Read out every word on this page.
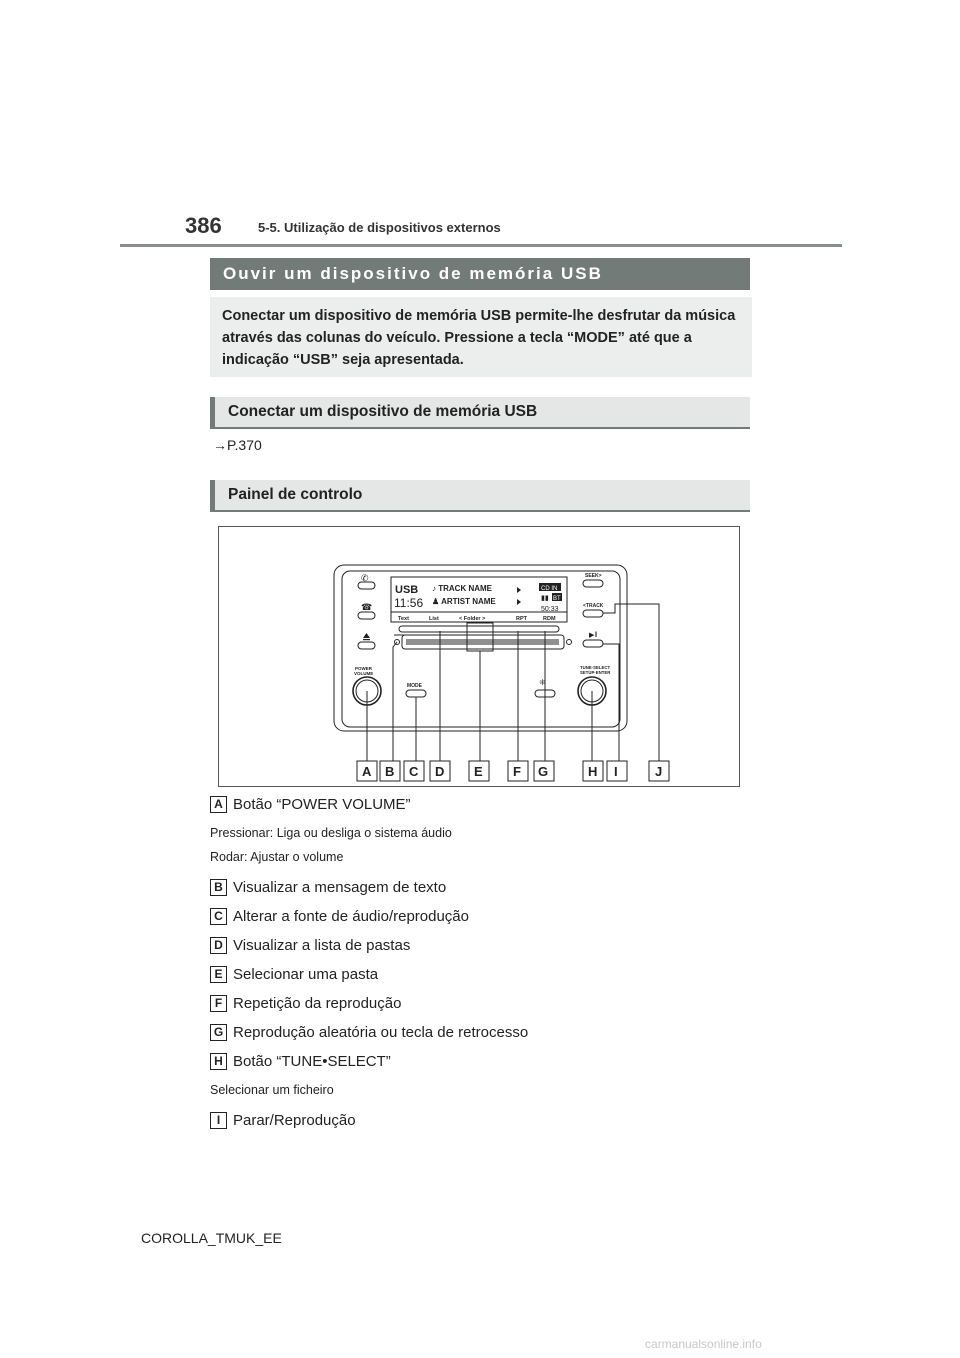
386	5-5. Utilização de dispositivos externos
Ouvir um dispositivo de memória USB
Conectar um dispositivo de memória USB permite-lhe desfrutar da música através das colunas do veículo. Pressione a tecla “MODE” até que a indicação “USB” seja apresentada.
Conectar um dispositivo de memória USB
→P.370
Painel de controlo
USB
11:56
♪ TRACK NAME
♟ ARTIST NAME
CD IN
BT
▮▮
50:33
Text	List	< Folder >	RPT	RDM
✆
☎
POWER
VOLUME
MODE	⁜
SEEK>
<TRACK
▶‖
TUNE·SELECT
SETUP·ENTER
A B C D E F G	H I	J
A Botão “POWER VOLUME”
Pressionar: Liga ou desliga o sistema áudio
Rodar: Ajustar o volume
B Visualizar a mensagem de texto
C Alterar a fonte de áudio/reprodução
D Visualizar a lista de pastas
E Selecionar uma pasta
F Repetição da reprodução
G Reprodução aleatória ou tecla de retrocesso
H Botão “TUNE•SELECT”
Selecionar um ficheiro
I Parar/Reprodução
COROLLA_TMUK_EE
carmanualsonline.info
